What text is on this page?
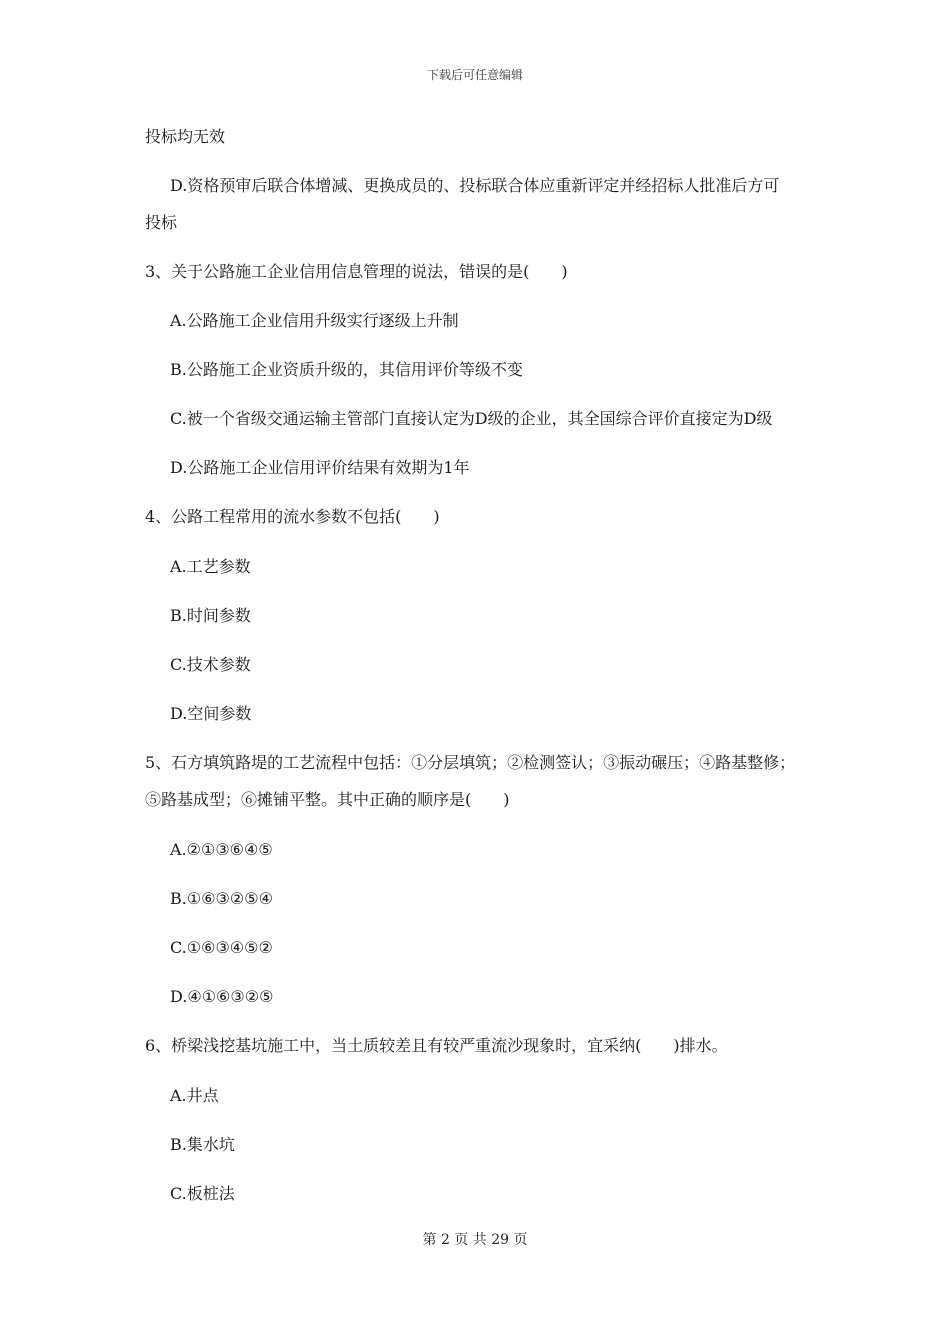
下载后可任意编辑
投标均无效
D.资格预审后联合体增减、更换成员的、投标联合体应重新评定并经招标人批准后方可
投标
3、关于公路施工企业信用信息管理的说法，错误的是(　　)
A.公路施工企业信用升级实行逐级上升制
B.公路施工企业资质升级的，其信用评价等级不变
C.被一个省级交通运输主管部门直接认定为D级的企业，其全国综合评价直接定为D级
D.公路施工企业信用评价结果有效期为1年
4、公路工程常用的流水参数不包括(　　)
A.工艺参数
B.时间参数
C.技术参数
D.空间参数
5、石方填筑路堤的工艺流程中包括：①分层填筑；②检测签认；③振动碾压；④路基整修；
⑤路基成型；⑥摊铺平整。其中正确的顺序是(　　)
A.②①③⑥④⑤
B.①⑥③②⑤④
C.①⑥③④⑤②
D.④①⑥③②⑤
6、桥梁浅挖基坑施工中，当土质较差且有较严重流沙现象时，宜采纳(　　)排水。
A.井点
B.集水坑
C.板桩法
第 2 页 共 29 页
